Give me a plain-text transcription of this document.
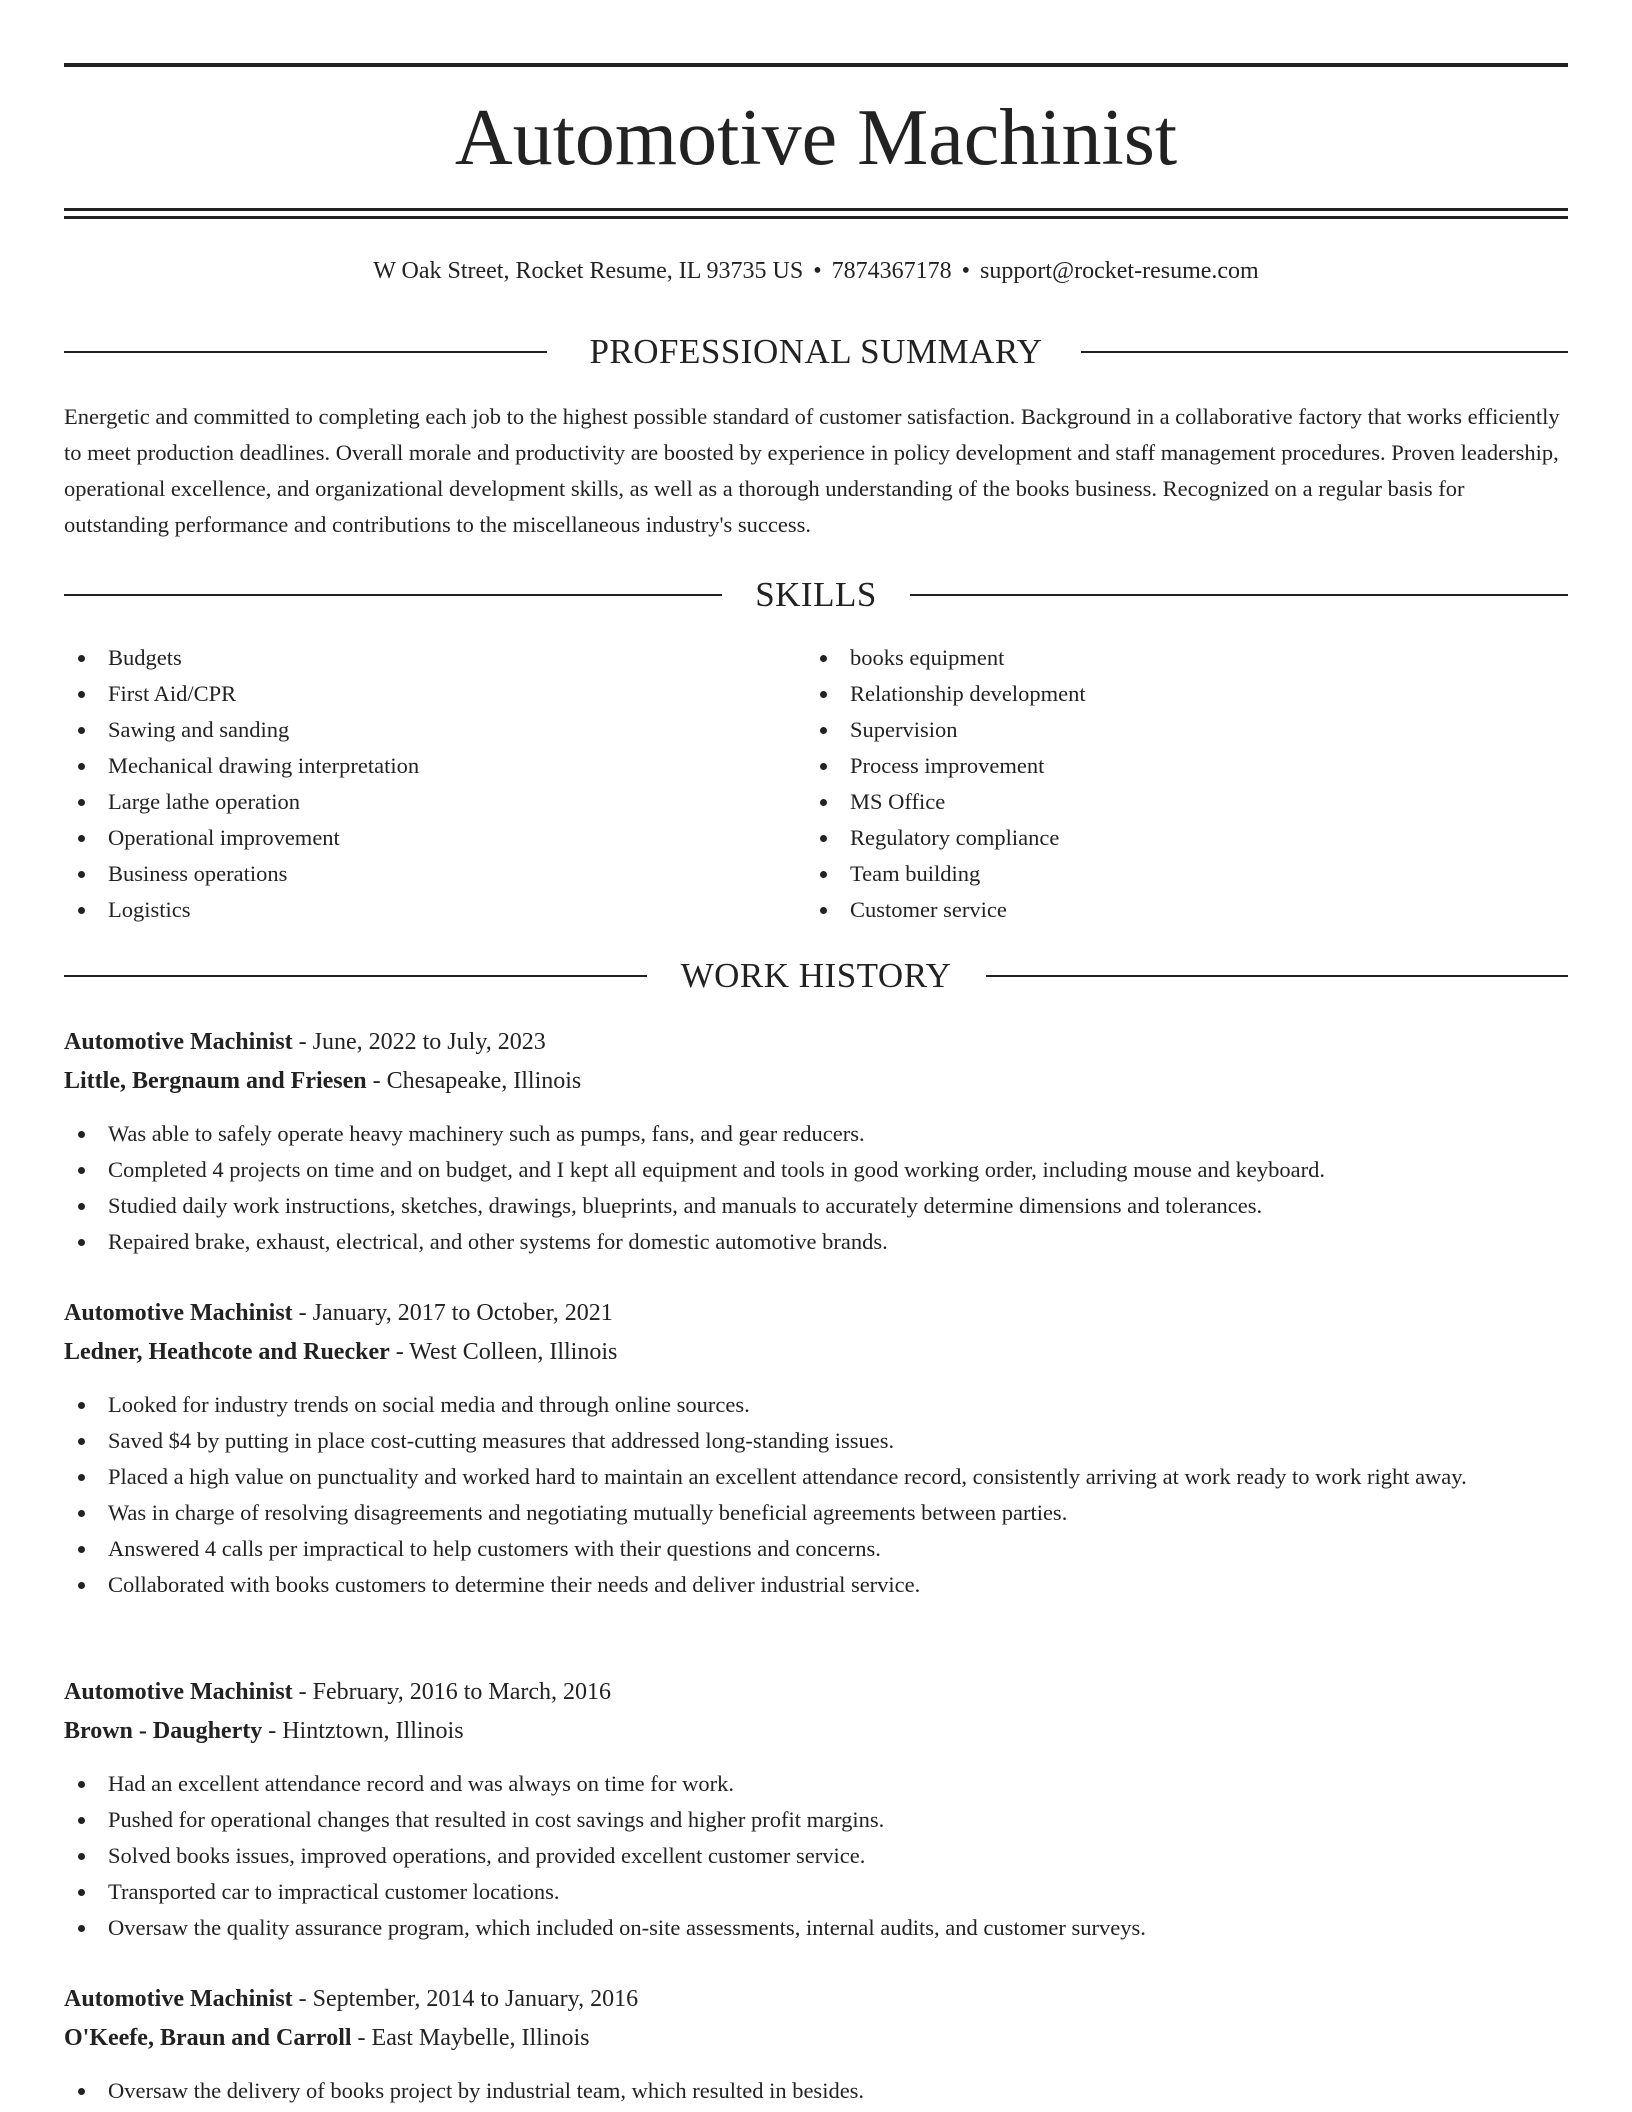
Automotive Machinist
W Oak Street, Rocket Resume, IL 93735 US • 7874367178 • support@rocket-resume.com
PROFESSIONAL SUMMARY

Energetic and committed to completing each job to the highest possible standard of customer satisfaction. Background in a collaborative factory that works efficiently to meet production deadlines. Overall morale and productivity are boosted by experience in policy development and staff management procedures. Proven leadership, operational excellence, and organizational development skills, as well as a thorough understanding of the books business. Recognized on a regular basis for outstanding performance and contributions to the miscellaneous industry's success.

SKILLS
Budgets
First Aid/CPR
Sawing and sanding
Mechanical drawing interpretation
Large lathe operation
Operational improvement
Business operations
Logistics
books equipment
Relationship development
Supervision
Process improvement
MS Office
Regulatory compliance
Team building
Customer service
WORK HISTORY
Automotive Machinist - June, 2022 to July, 2023
Little, Bergnaum and Friesen - Chesapeake, Illinois
Was able to safely operate heavy machinery such as pumps, fans, and gear reducers.
Completed 4 projects on time and on budget, and I kept all equipment and tools in good working order, including mouse and keyboard.
Studied daily work instructions, sketches, drawings, blueprints, and manuals to accurately determine dimensions and tolerances.
Repaired brake, exhaust, electrical, and other systems for domestic automotive brands.
Automotive Machinist - January, 2017 to October, 2021
Ledner, Heathcote and Ruecker - West Colleen, Illinois
Looked for industry trends on social media and through online sources.
Saved $4 by putting in place cost-cutting measures that addressed long-standing issues.
Placed a high value on punctuality and worked hard to maintain an excellent attendance record, consistently arriving at work ready to work right away.
Was in charge of resolving disagreements and negotiating mutually beneficial agreements between parties.
Answered 4 calls per impractical to help customers with their questions and concerns.
Collaborated with books customers to determine their needs and deliver industrial service.
Automotive Machinist - February, 2016 to March, 2016
Brown - Daugherty - Hintztown, Illinois
Had an excellent attendance record and was always on time for work.
Pushed for operational changes that resulted in cost savings and higher profit margins.
Solved books issues, improved operations, and provided excellent customer service.
Transported car to impractical customer locations.
Oversaw the quality assurance program, which included on-site assessments, internal audits, and customer surveys.
Automotive Machinist - September, 2014 to January, 2016
O'Keefe, Braun and Carroll - East Maybelle, Illinois
Oversaw the delivery of books project by industrial team, which resulted in besides.
